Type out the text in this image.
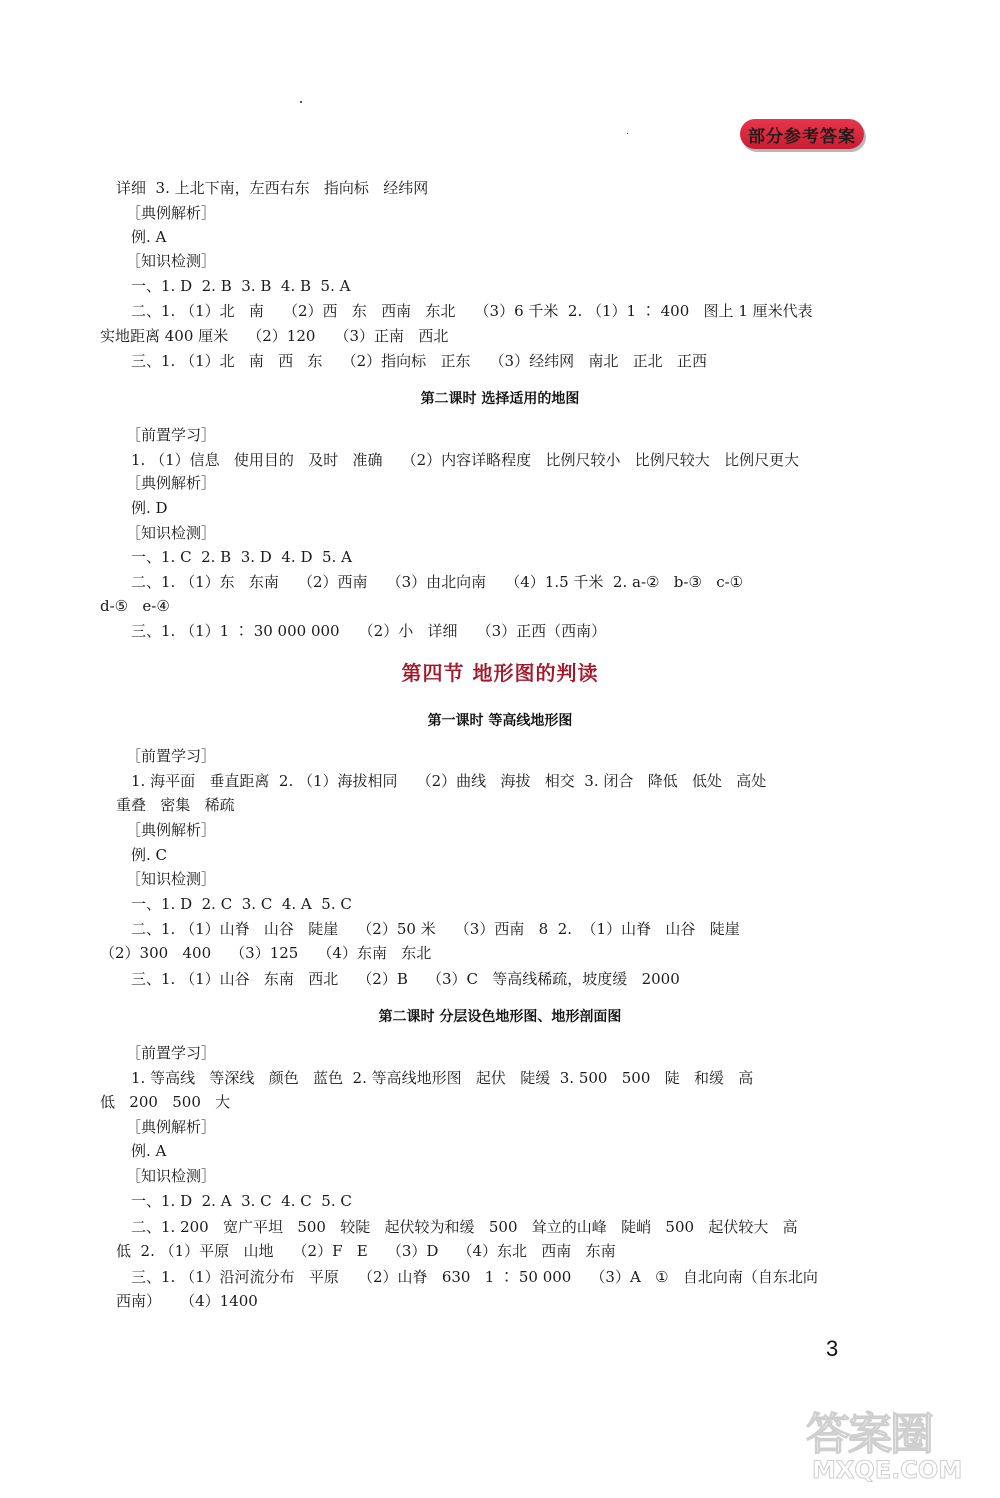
部分参考答案
详细  3. 上北下南，左西右东   指向标   经纬网
［典例解析］
例. A
［知识检测］
一、1. D  2. B  3. B  4. B  5. A
二、1. （1）北   南    （2）西   东   西南   东北    （3）6 千米  2. （1）1 ∶ 400   图上 1 厘米代表
实地距离 400 厘米    （2）120    （3）正南   西北
三、1. （1）北   南   西   东    （2）指向标   正东    （3）经纬网   南北   正北   正西
第二课时 选择适用的地图
［前置学习］
1. （1）信息   使用目的   及时   准确    （2）内容详略程度   比例尺较小   比例尺较大   比例尺更大
［典例解析］
例. D
［知识检测］
一、1. C  2. B  3. D  4. D  5. A
二、1. （1）东   东南    （2）西南    （3）由北向南    （4）1.5 千米  2. a-②   b-③   c-①
d-⑤   e-④
三、1. （1）1 ∶ 30 000 000    （2）小   详细    （3）正西（西南）
第四节 地形图的判读
第一课时 等高线地形图
［前置学习］
1. 海平面   垂直距离  2. （1）海拔相同    （2）曲线   海拔   相交  3. 闭合   降低   低处   高处
重叠   密集   稀疏
［典例解析］
例. C
［知识检测］
一、1. D  2. C  3. C  4. A  5. C
二、1. （1）山脊   山谷   陡崖    （2）50 米    （3）西南   8  2.  （1）山脊   山谷   陡崖
（2）300   400    （3）125    （4）东南   东北
三、1. （1）山谷   东南   西北    （2）B    （3）C   等高线稀疏，坡度缓   2000
第二课时 分层设色地形图、地形剖面图
［前置学习］
1. 等高线   等深线   颜色   蓝色  2. 等高线地形图   起伏   陡缓  3. 500   500   陡   和缓   高
低   200   500   大
［典例解析］
例. A
［知识检测］
一、1. D  2. A  3. C  4. C  5. C
二、1. 200   宽广平坦   500   较陡   起伏较为和缓   500   耸立的山峰   陡峭   500   起伏较大   高
低  2. （1）平原   山地    （2）F   E    （3）D    （4）东北   西南   东南
三、1. （1）沿河流分布   平原    （2）山脊   630   1 ∶ 50 000    （3）A   ①   自北向南（自东北向
西南）    （4）1400
3
答案圈
MXQE.COM
